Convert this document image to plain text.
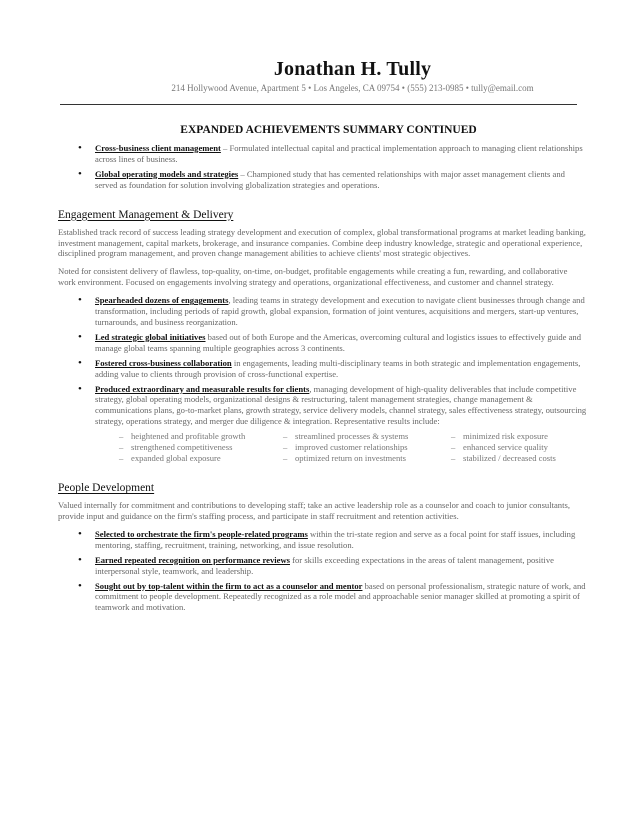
Jonathan H. Tully
214 Hollywood Avenue, Apartment 5 • Los Angeles, CA 09754 • (555) 213-0985 • tully@email.com
EXPANDED ACHIEVEMENTS SUMMARY CONTINUED
• Cross-business client management – Formulated intellectual capital and practical implementation approach to managing client relationships across lines of business.
• Global operating models and strategies – Championed study that has cemented relationships with major asset management clients and served as foundation for solution involving globalization strategies and operations.
Engagement Management & Delivery
Established track record of success leading strategy development and execution of complex, global transformational programs at market leading banking, investment management, capital markets, brokerage, and insurance companies. Combine deep industry knowledge, strategic and operational experience, disciplined program management, and proven change management abilities to achieve clients' most strategic objectives.
Noted for consistent delivery of flawless, top-quality, on-time, on-budget, profitable engagements while creating a fun, rewarding, and collaborative work environment. Focused on engagements involving strategy and operations, organizational effectiveness, and customer and channel strategy.
• Spearheaded dozens of engagements, leading teams in strategy development and execution to navigate client businesses through change and transformation, including periods of rapid growth, global expansion, formation of joint ventures, acquisitions and mergers, start-up ventures, turnarounds, and business reorganization.
• Led strategic global initiatives based out of both Europe and the Americas, overcoming cultural and logistics issues to effectively guide and manage global teams spanning multiple geographies across 3 continents.
• Fostered cross-business collaboration in engagements, leading multi-disciplinary teams in both strategic and implementation engagements, adding value to clients through provision of cross-functional expertise.
• Produced extraordinary and measurable results for clients, managing development of high-quality deliverables that include competitive strategy, global operating models, organizational designs & restructuring, talent management strategies, change management & communications plans, go-to-market plans, growth strategy, service delivery models, channel strategy, sales effectiveness strategy, outsourcing strategy, operations strategy, and merger due diligence & integration. Representative results include:
– heightened and profitable growth	– streamlined processes & systems	– minimized risk exposure
– strengthened competitiveness	– improved customer relationships	– enhanced service quality
– expanded global exposure	– optimized return on investments	– stabilized / decreased costs
People Development
Valued internally for commitment and contributions to developing staff; take an active leadership role as a counselor and coach to junior consultants, provide input and guidance on the firm's staffing process, and participate in staff recruitment and retention activities.
• Selected to orchestrate the firm's people-related programs within the tri-state region and serve as a focal point for staff issues, including mentoring, staffing, recruitment, training, networking, and issue resolution.
• Earned repeated recognition on performance reviews for skills exceeding expectations in the areas of talent management, positive interpersonal style, teamwork, and leadership.
• Sought out by top-talent within the firm to act as a counselor and mentor based on personal professionalism, strategic nature of work, and commitment to people development. Repeatedly recognized as a role model and approachable senior manager skilled at promoting a spirit of teamwork and motivation.
